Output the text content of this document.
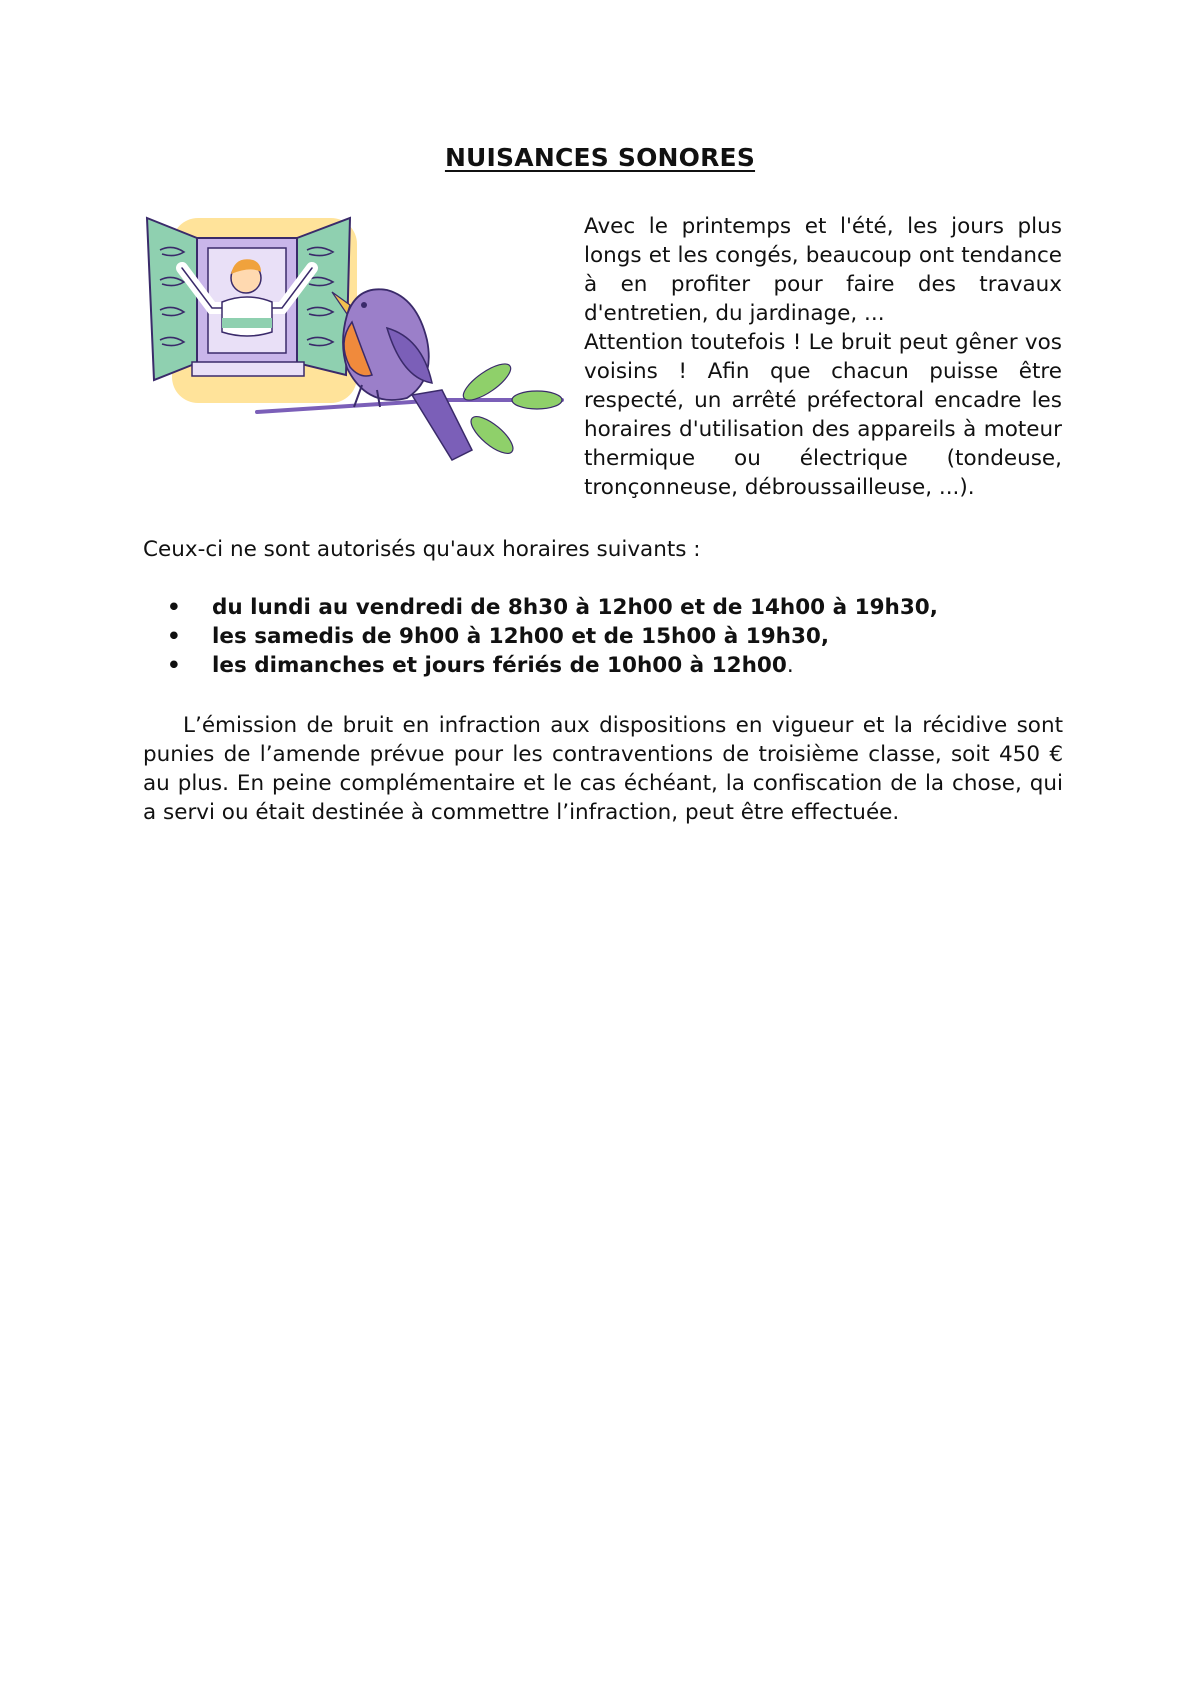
NUISANCES SONORES

Avec le printemps et l'été, les jours plus longs et les congés, beaucoup ont tendance à en profiter pour faire des travaux d'entretien, du jardinage, ...

Attention toutefois ! Le bruit peut gêner vos voisins ! Afin que chacun puisse être respecté, un arrêté préfectoral encadre les horaires d'utilisation des appareils à moteur thermique ou électrique (tondeuse, tronçonneuse, débroussailleuse, ...).

Ceux-ci ne sont autorisés qu'aux horaires suivants :
• du lundi au vendredi de 8h30 à 12h00 et de 14h00 à 19h30,
• les samedis de 9h00 à 12h00 et de 15h00 à 19h30,
• les dimanches et jours fériés de 10h00 à 12h00.

L’émission de bruit en infraction aux dispositions en vigueur et la récidive sont punies de l’amende prévue pour les contraventions de troisième classe, soit 450 € au plus. En peine complémentaire et le cas échéant, la confiscation de la chose, qui a servi ou était destinée à commettre l’infraction, peut être effectuée.
